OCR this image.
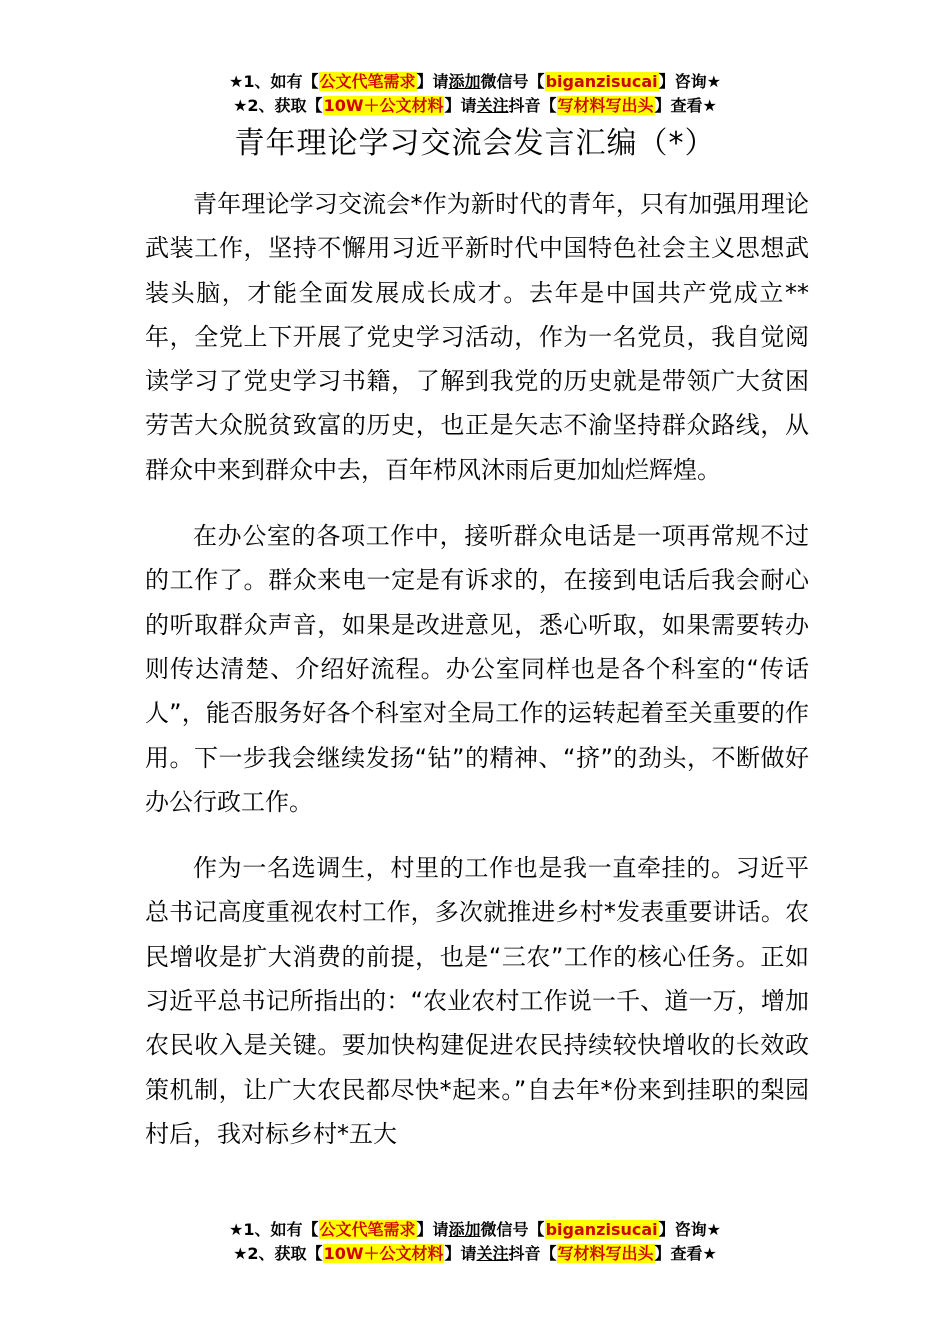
★1、如有【公文代笔需求】请添加微信号【biganzisucai】咨询★
★2、获取【10W＋公文材料】请关注抖音【写材料写出头】查看★
青年理论学习交流会发言汇编（*）

青年理论学习交流会*作为新时代的青年，只有加强用理论武装工作，坚持不懈用习近平新时代中国特色社会主义思想武装头脑，才能全面发展成长成才。去年是中国共产党成立**年，全党上下开展了党史学习活动，作为一名党员，我自觉阅读学习了党史学习书籍，了解到我党的历史就是带领广大贫困劳苦大众脱贫致富的历史，也正是矢志不渝坚持群众路线，从群众中来到群众中去，百年栉风沐雨后更加灿烂辉煌。

在办公室的各项工作中，接听群众电话是一项再常规不过的工作了。群众来电一定是有诉求的，在接到电话后我会耐心的听取群众声音，如果是改进意见，悉心听取，如果需要转办则传达清楚、介绍好流程。办公室同样也是各个科室的“传话人”，能否服务好各个科室对全局工作的运转起着至关重要的作用。下一步我会继续发扬“钻”的精神、“挤”的劲头，不断做好办公行政工作。

作为一名选调生，村里的工作也是我一直牵挂的。习近平总书记高度重视农村工作，多次就推进乡村*发表重要讲话。农民增收是扩大消费的前提，也是“三农”工作的核心任务。正如习近平总书记所指出的：“农业农村工作说一千、道一万，增加农民收入是关键。要加快构建促进农民持续较快增收的长效政策机制，让广大农民都尽快*起来。”自去年*份来到挂职的梨园村后，我对标乡村*五大

★1、如有【公文代笔需求】请添加微信号【biganzisucai】咨询★
★2、获取【10W＋公文材料】请关注抖音【写材料写出头】查看★
